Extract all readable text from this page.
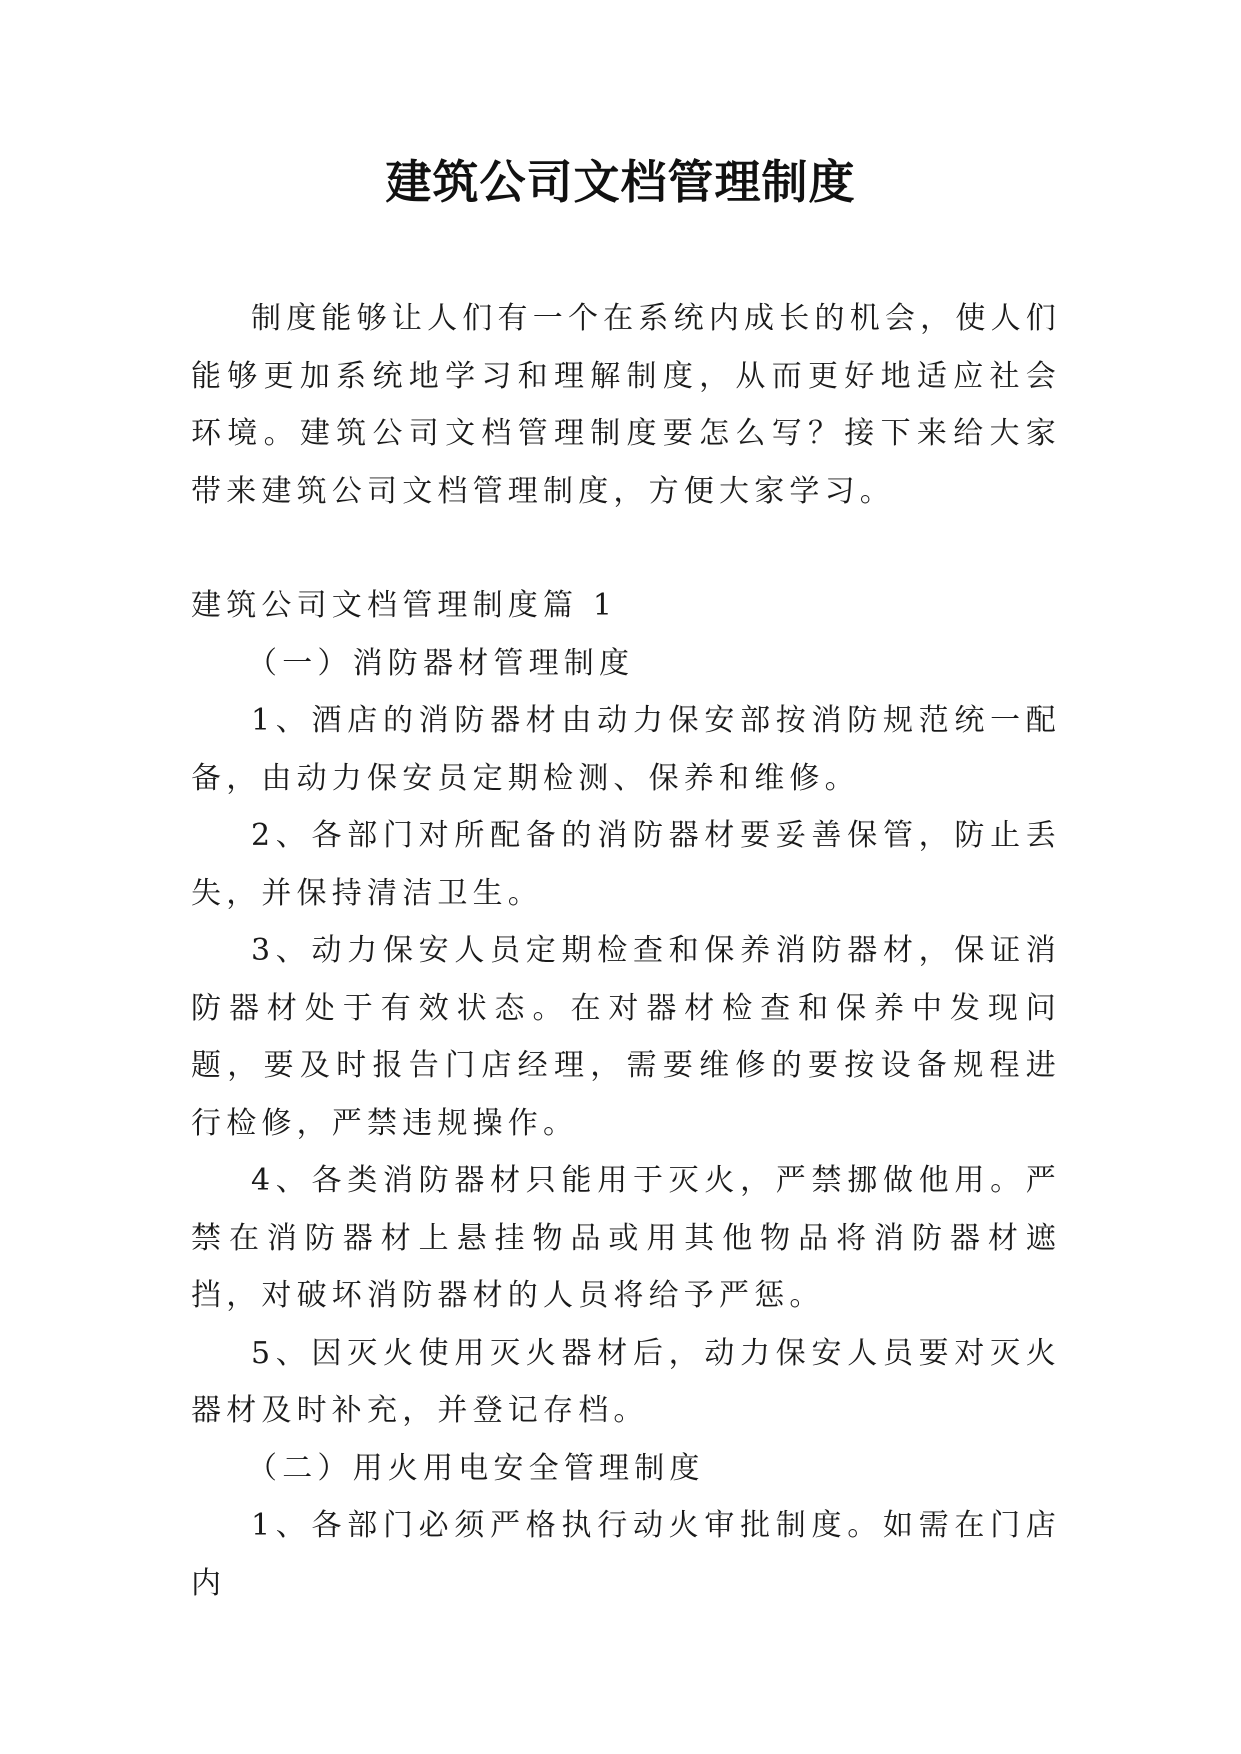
建筑公司文档管理制度

制度能够让人们有一个在系统内成长的机会，使人们能够更加系统地学习和理解制度，从而更好地适应社会环境。建筑公司文档管理制度要怎么写？接下来给大家带来建筑公司文档管理制度，方便大家学习。

建筑公司文档管理制度篇 1

（一）消防器材管理制度

1、酒店的消防器材由动力保安部按消防规范统一配备，由动力保安员定期检测、保养和维修。

2、各部门对所配备的消防器材要妥善保管，防止丢失，并保持清洁卫生。

3、动力保安人员定期检查和保养消防器材，保证消防器材处于有效状态。在对器材检查和保养中发现问题，要及时报告门店经理，需要维修的要按设备规程进行检修，严禁违规操作。

4、各类消防器材只能用于灭火，严禁挪做他用。严禁在消防器材上悬挂物品或用其他物品将消防器材遮挡，对破坏消防器材的人员将给予严惩。

5、因灭火使用灭火器材后，动力保安人员要对灭火器材及时补充，并登记存档。

（二）用火用电安全管理制度

1、各部门必须严格执行动火审批制度。如需在门店内
